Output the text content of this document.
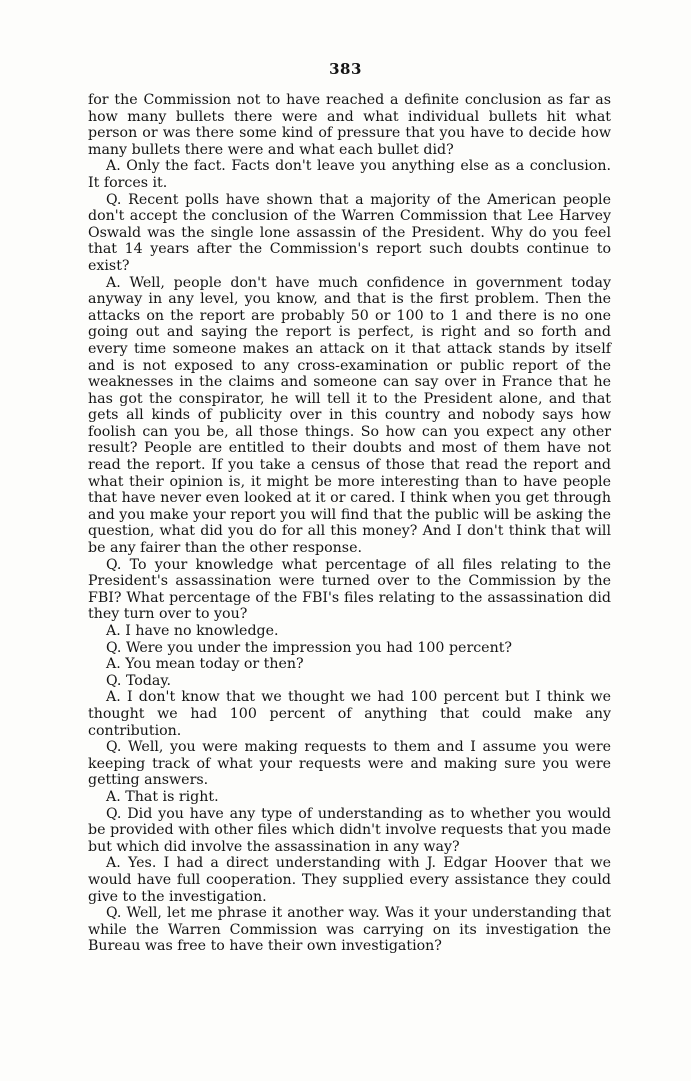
383

for the Commission not to have reached a definite conclusion as far as how many bullets there were and what individual bullets hit what person or was there some kind of pressure that you have to decide how many bullets there were and what each bullet did?

A. Only the fact. Facts don't leave you anything else as a conclusion. It forces it.

Q. Recent polls have shown that a majority of the American people don't accept the conclusion of the Warren Commission that Lee Harvey Oswald was the single lone assassin of the President. Why do you feel that 14 years after the Commission's report such doubts continue to exist?

A. Well, people don't have much confidence in government today anyway in any level, you know, and that is the first problem. Then the attacks on the report are probably 50 or 100 to 1 and there is no one going out and saying the report is perfect, is right and so forth and every time someone makes an attack on it that attack stands by itself and is not exposed to any cross-examination or public report of the weaknesses in the claims and someone can say over in France that he has got the conspirator, he will tell it to the President alone, and that gets all kinds of publicity over in this country and nobody says how foolish can you be, all those things. So how can you expect any other result? People are entitled to their doubts and most of them have not read the report. If you take a census of those that read the report and what their opinion is, it might be more interesting than to have people that have never even looked at it or cared. I think when you get through and you make your report you will find that the public will be asking the question, what did you do for all this money? And I don't think that will be any fairer than the other response.

Q. To your knowledge what percentage of all files relating to the President's assassination were turned over to the Commission by the FBI? What percentage of the FBI's files relating to the assassination did they turn over to you?

A. I have no knowledge.

Q. Were you under the impression you had 100 percent?

A. You mean today or then?

Q. Today.

A. I don't know that we thought we had 100 percent but I think we thought we had 100 percent of anything that could make any contribution.

Q. Well, you were making requests to them and I assume you were keeping track of what your requests were and making sure you were getting answers.

A. That is right.

Q. Did you have any type of understanding as to whether you would be provided with other files which didn't involve requests that you made but which did involve the assassination in any way?

A. Yes. I had a direct understanding with J. Edgar Hoover that we would have full cooperation. They supplied every assistance they could give to the investigation.

Q. Well, let me phrase it another way. Was it your understanding that while the Warren Commission was carrying on its investigation the Bureau was free to have their own investigation?
